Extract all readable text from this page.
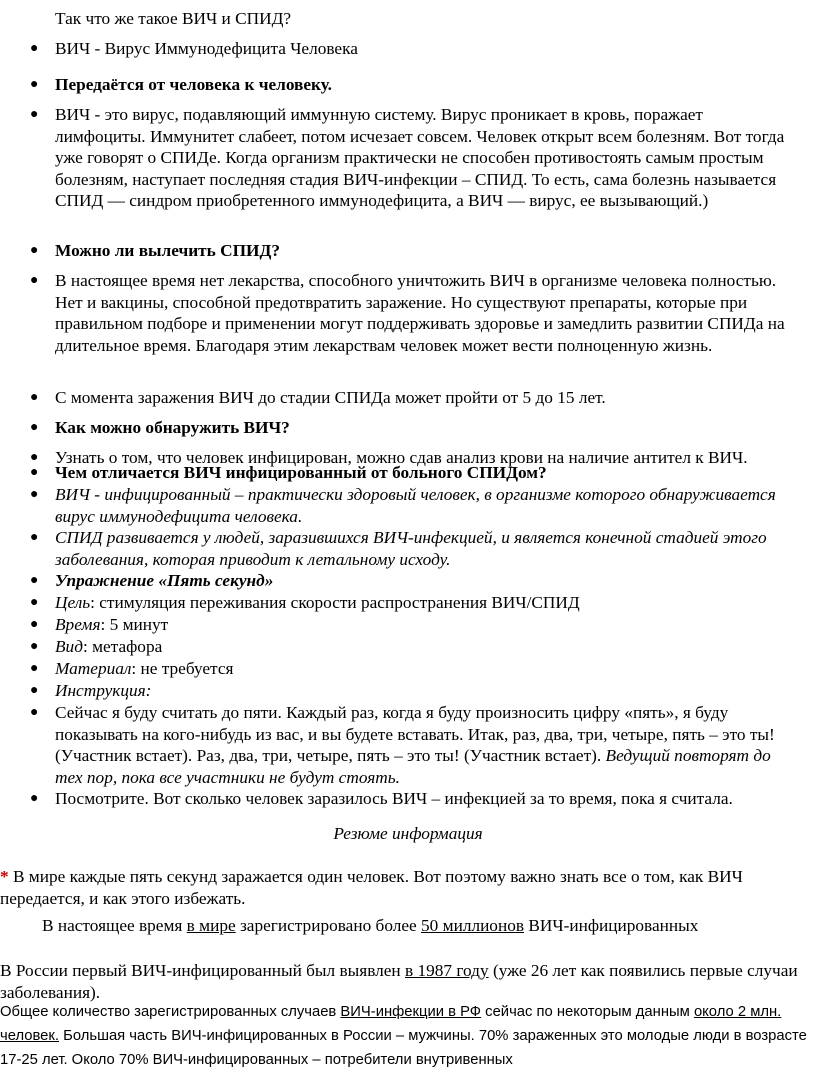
Так что же такое ВИЧ и СПИД?
● ВИЧ - Вирус Иммунодефицита Человека
● Передаётся от человека к человеку.
● ВИЧ - это вирус, подавляющий иммунную систему. Вирус проникает в кровь, поражает лимфоциты. Иммунитет слабеет, потом исчезает совсем. Человек открыт всем болезням. Вот тогда уже говорят о СПИДе. Когда организм практически не способен противостоять самым простым болезням, наступает последняя стадия ВИЧ-инфекции – СПИД. То есть, сама болезнь называется СПИД — синдром приобретенного иммунодефицита, а ВИЧ — вирус, ее вызывающий.)
● Можно ли вылечить СПИД?
● В настоящее время нет лекарства, способного уничтожить ВИЧ в организме человека полностью. Нет и вакцины, способной предотвратить заражение. Но существуют препараты, которые при правильном подборе и применении могут поддерживать здоровье и замедлить развитии СПИДа на длительное время. Благодаря этим лекарствам человек может вести полноценную жизнь.
● С момента заражения ВИЧ до стадии СПИДа может пройти от 5 до 15 лет.
● Как можно обнаружить ВИЧ?
● Узнать о том, что человек инфицирован, можно сдав анализ крови на наличие антител к ВИЧ.
● Чем отличается ВИЧ инфицированный от больного СПИДом?
● ВИЧ - инфицированный – практически здоровый человек, в организме которого обнаруживается вирус иммунодефицита человека.
● СПИД развивается у людей, заразившихся ВИЧ-инфекцией, и является конечной стадией этого заболевания, которая приводит к летальному исходу.
● Упражнение «Пять секунд»
● Цель: стимуляция переживания скорости распространения ВИЧ/СПИД
● Время: 5 минут
● Вид: метафора
● Материал: не требуется
● Инструкция:
● Сейчас я буду считать до пяти. Каждый раз, когда я буду произносить цифру «пять», я буду показывать на кого-нибудь из вас, и вы будете вставать. Итак, раз, два, три, четыре, пять – это ты! (Участник встает). Раз, два, три, четыре, пять – это ты! (Участник встает). Ведущий повторят до тех пор, пока все участники не будут стоять.
● Посмотрите. Вот сколько человек заразилось ВИЧ – инфекцией за то время, пока я считала.
Резюме информация
* В мире каждые пять секунд заражается один человек. Вот поэтому важно знать все о том, как ВИЧ передается, и как этого избежать.
В настоящее время в мире зарегистрировано более 50 миллионов ВИЧ-инфицированных
В России первый ВИЧ-инфицированный был выявлен в 1987 году (уже 26 лет как появились первые случаи заболевания).
Общее количество зарегистрированных случаев ВИЧ-инфекции в РФ сейчас по некоторым данным около 2 млн. человек. Большая часть ВИЧ-инфицированных в России – мужчины. 70% зараженных это молодые люди в возрасте 17-25 лет. Около 70% ВИЧ-инфицированных – потребители внутривенных
